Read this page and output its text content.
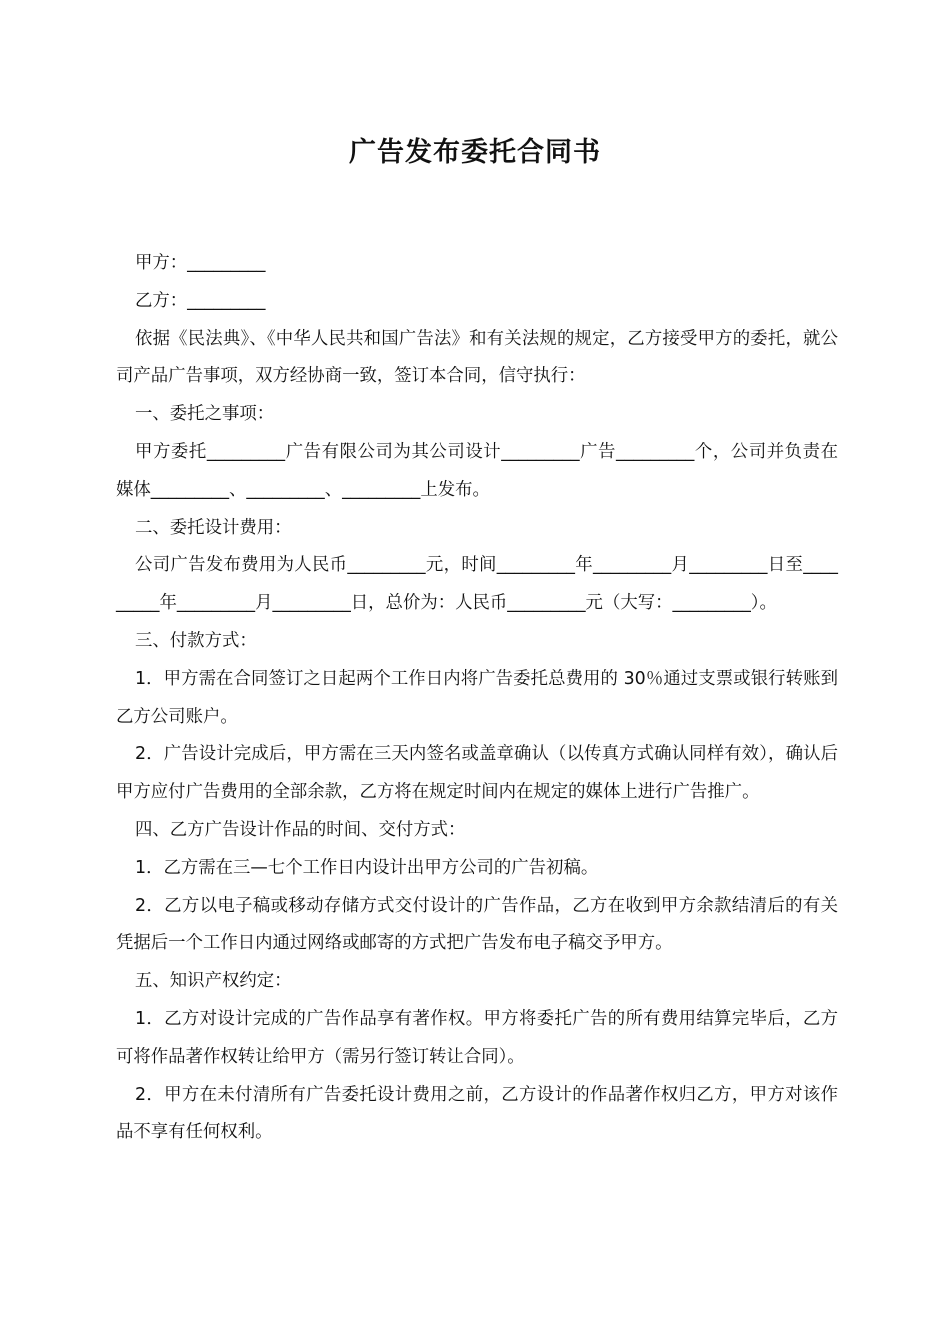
广告发布委托合同书

甲方：_________

乙方：_________

依据《民法典》、《中华人民共和国广告法》和有关法规的规定，乙方接受甲方的委托，就公司产品广告事项，双方经协商一致，签订本合同，信守执行：

一、委托之事项：

甲方委托_________广告有限公司为其公司设计_________广告_________个，公司并负责在媒体_________、_________、_________上发布。

二、委托设计费用：

公司广告发布费用为人民币_________元，时间_________年_________月_________日至_________年_________月_________日，总价为：人民币_________元（大写：_________）。

三、付款方式：

1．甲方需在合同签订之日起两个工作日内将广告委托总费用的 30％通过支票或银行转账到乙方公司账户。

2．广告设计完成后，甲方需在三天内签名或盖章确认（以传真方式确认同样有效），确认后甲方应付广告费用的全部余款，乙方将在规定时间内在规定的媒体上进行广告推广。

四、乙方广告设计作品的时间、交付方式：

1．乙方需在三—七个工作日内设计出甲方公司的广告初稿。

2．乙方以电子稿或移动存储方式交付设计的广告作品，乙方在收到甲方余款结清后的有关凭据后一个工作日内通过网络或邮寄的方式把广告发布电子稿交予甲方。

五、知识产权约定：

1．乙方对设计完成的广告作品享有著作权。甲方将委托广告的所有费用结算完毕后，乙方可将作品著作权转让给甲方（需另行签订转让合同）。

2．甲方在未付清所有广告委托设计费用之前，乙方设计的作品著作权归乙方，甲方对该作品不享有任何权利。
